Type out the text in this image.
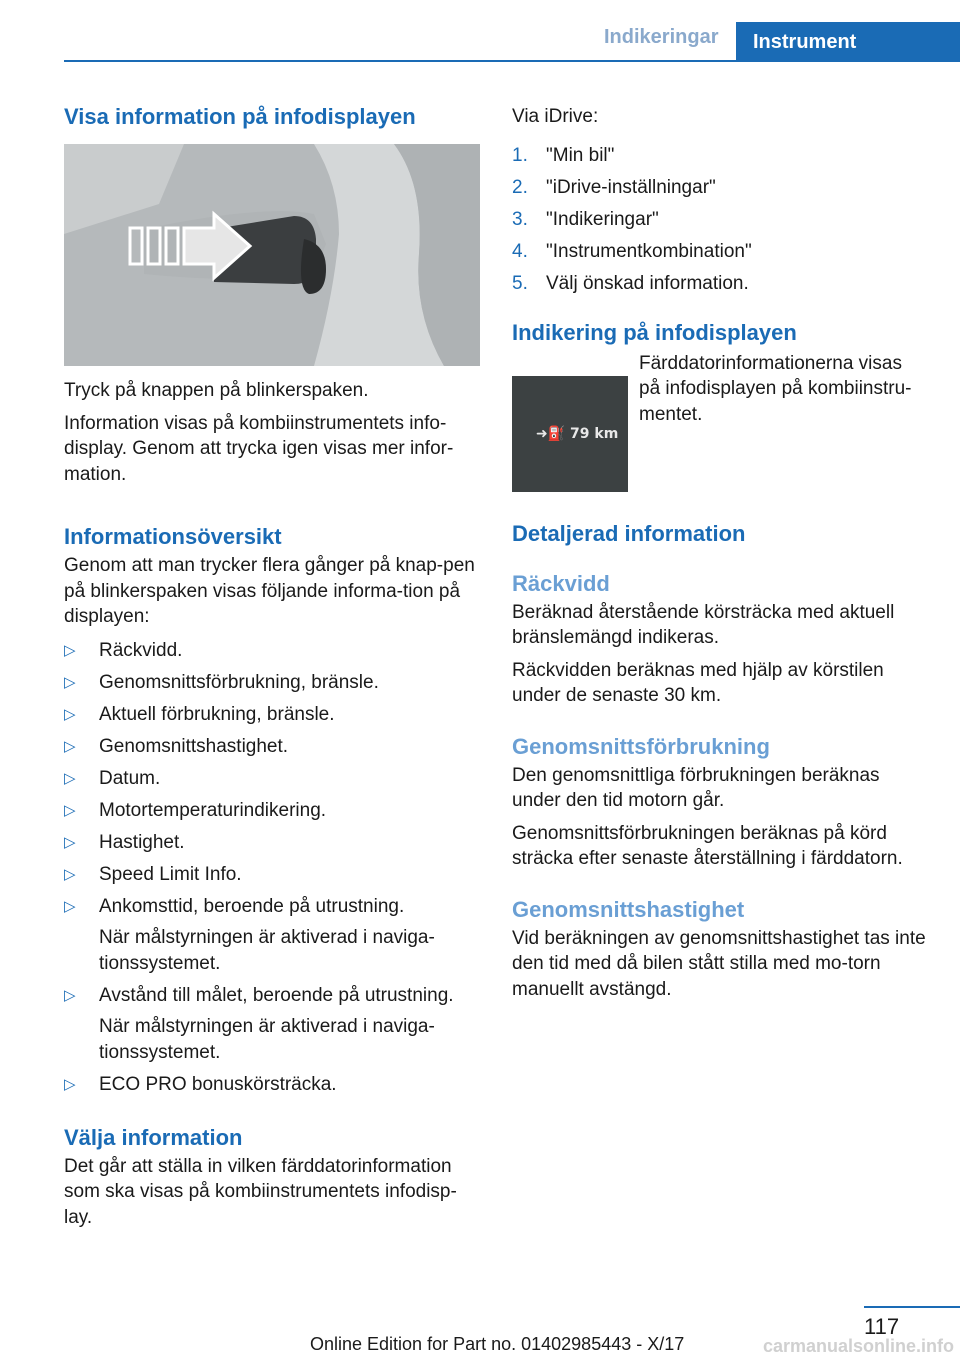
Indikeringar	Instrument
Visa information på infodisplayen

Tryck på knappen på blinkerspaken.

Information visas på kombiinstrumentets info-display. Genom att trycka igen visas mer infor-mation.

Informationsöversikt

Genom att man trycker flera gånger på knap-pen på blinkerspaken visas följande informa-tion på displayen:

▷ Räckvidd.
▷ Genomsnittsförbrukning, bränsle.
▷ Aktuell förbrukning, bränsle.
▷ Genomsnittshastighet.
▷ Datum.
▷ Motortemperaturindikering.
▷ Hastighet.
▷ Speed Limit Info.
▷ Ankomsttid, beroende på utrustning.
När målstyrningen är aktiverad i naviga-tionssystemet.
▷ Avstånd till målet, beroende på utrustning.
När målstyrningen är aktiverad i naviga-tionssystemet.
▷ ECO PRO bonuskörsträcka.
Välja information

Det går att ställa in vilken färddatorinformation som ska visas på kombiinstrumentets infodisp-lay.

Via iDrive:

1. "Min bil"
2. "iDrive-inställningar"
3. "Indikeringar"
4. "Instrumentkombination"
5. Välj önskad information.
Indikering på infodisplayen
➜⛽ 79 km

Färddatorinformationerna visas på infodisplayen på kombiinstru-mentet.

Detaljerad information
Räckvidd

Beräknad återstående körsträcka med aktuell bränslemängd indikeras.

Räckvidden beräknas med hjälp av körstilen under de senaste 30 km.

Genomsnittsförbrukning

Den genomsnittliga förbrukningen beräknas under den tid motorn går.

Genomsnittsförbrukningen beräknas på körd sträcka efter senaste återställning i färddatorn.

Genomsnittshastighet

Vid beräkningen av genomsnittshastighet tas inte den tid med då bilen stått stilla med mo-torn manuellt avstängd.

117
Online Edition for Part no. 01402985443 - X/17	carmanualsonline.info
